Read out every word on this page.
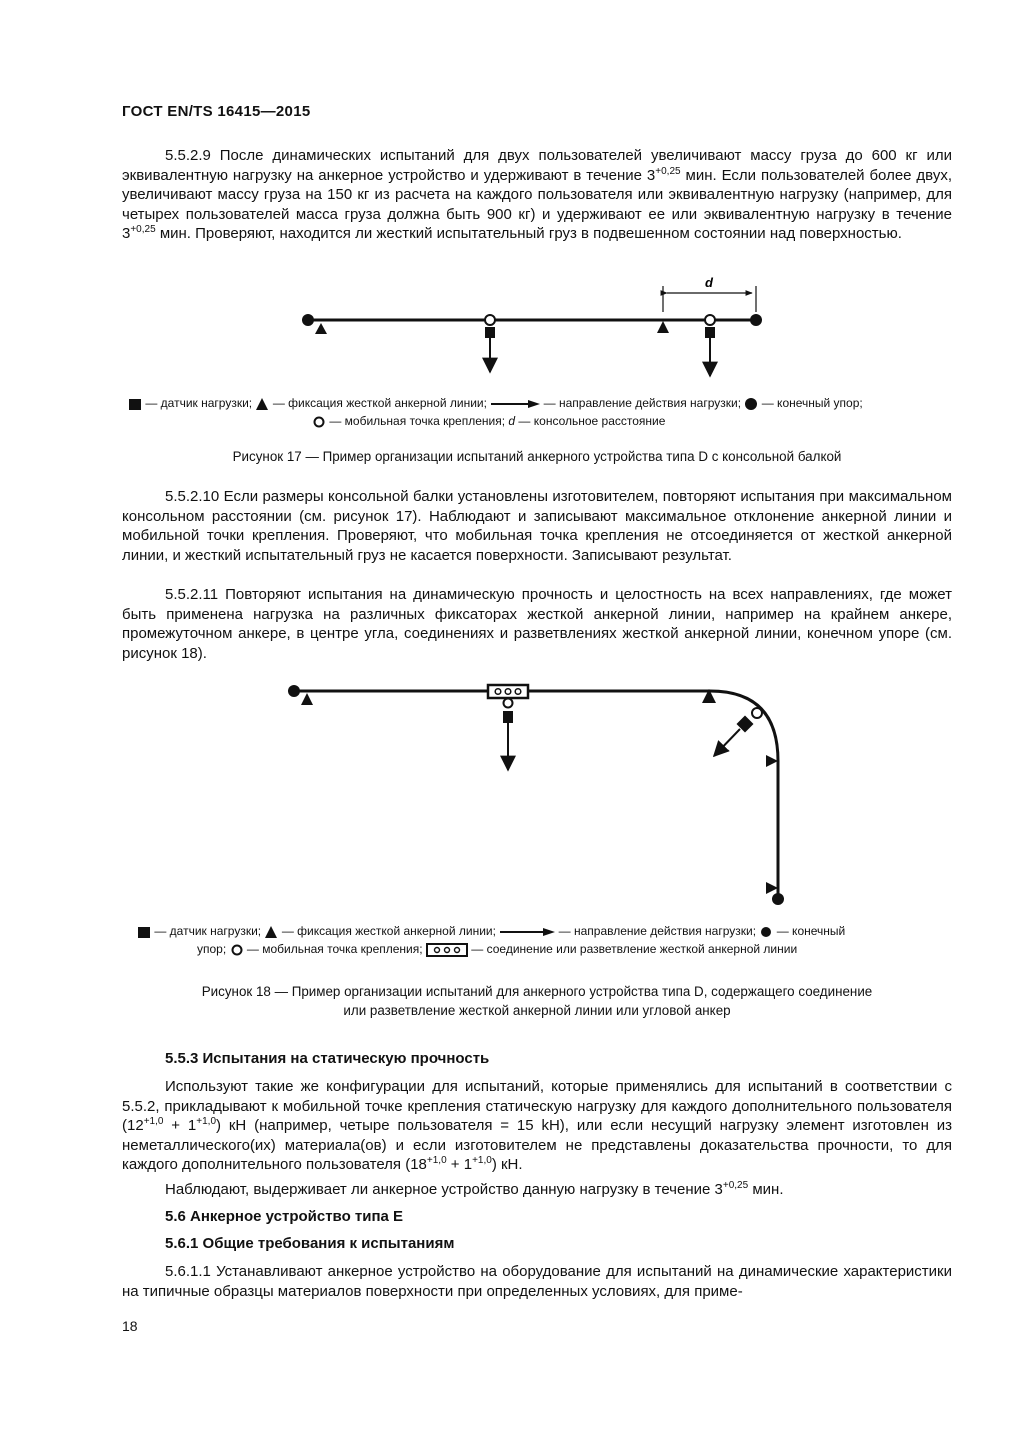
ГОСТ EN/TS 16415—2015

5.5.2.9 После динамических испытаний для двух пользователей увеличивают массу груза до 600 кг или эквивалентную нагрузку на анкерное устройство и удерживают в течение $3^{+0,25}$ мин. Если пользователей более двух, увеличивают массу груза на 150 кг из расчета на каждого пользователя или эквивалентную нагрузку (например, для четырех пользователей масса груза должна быть 900 кг) и удерживают ее или эквивалентную нагрузку в течение $3^{+0,25}$ мин. Проверяют, находится ли жесткий испытательный груз в подвешенном состоянии над поверхностью.

d
— датчик нагрузки; — фиксация жесткой анкерной линии;	— направление действия нагрузки; — конечный упор;
— мобильная точка крепления; d — консольное расстояние
Рисунок 17 — Пример организации испытаний анкерного устройства типа D с консольной балкой

5.5.2.10 Если размеры консольной балки установлены изготовителем, повторяют испытания при максимальном консольном расстоянии (см. рисунок 17). Наблюдают и записывают максимальное отклонение анкерной линии и мобильной точки крепления. Проверяют, что мобильная точка крепления не отсоединяется от жесткой анкерной линии, и жесткий испытательный груз не касается поверхности. Записывают результат.

5.5.2.11 Повторяют испытания на динамическую прочность и целостность на всех направлениях, где может быть применена нагрузка на различных фиксаторах жесткой анкерной линии, например на крайнем анкере, промежуточном анкере, в центре угла, соединениях и разветвлениях жесткой анкерной линии, конечном упоре (см. рисунок 18).

— датчик нагрузки; — фиксация жесткой анкерной линии;	— направление действия нагрузки; — конечный
упор; — мобильная точка крепления;	— соединение или разветвление жесткой анкерной линии
Рисунок 18 — Пример организации испытаний для анкерного устройства типа D, содержащего соединение
или разветвление жесткой анкерной линии или угловой анкер
5.5.3 Испытания на статическую прочность

Используют такие же конфигурации для испытаний, которые применялись для испытаний в соответствии с 5.5.2, прикладывают к мобильной точке крепления статическую нагрузку для каждого дополнительного пользователя $(12^{+1,0} + 1^{+1,0})$ кН (например, четыре пользователя = 15 kH), или если несущий нагрузку элемент изготовлен из неметаллического(их) материала(ов) и если изготовителем не представлены доказательства прочности, то для каждого дополнительного пользователя $(18^{+1,0} + 1^{+1,0})$ кН.

Наблюдают, выдерживает ли анкерное устройство данную нагрузку в течение $3^{+0,25}$ мин.

5.6 Анкерное устройство типа Е
5.6.1 Общие требования к испытаниям

5.6.1.1 Устанавливают анкерное устройство на оборудование для испытаний на динамические характеристики на типичные образцы материалов поверхности при определенных условиях, для приме-

18
